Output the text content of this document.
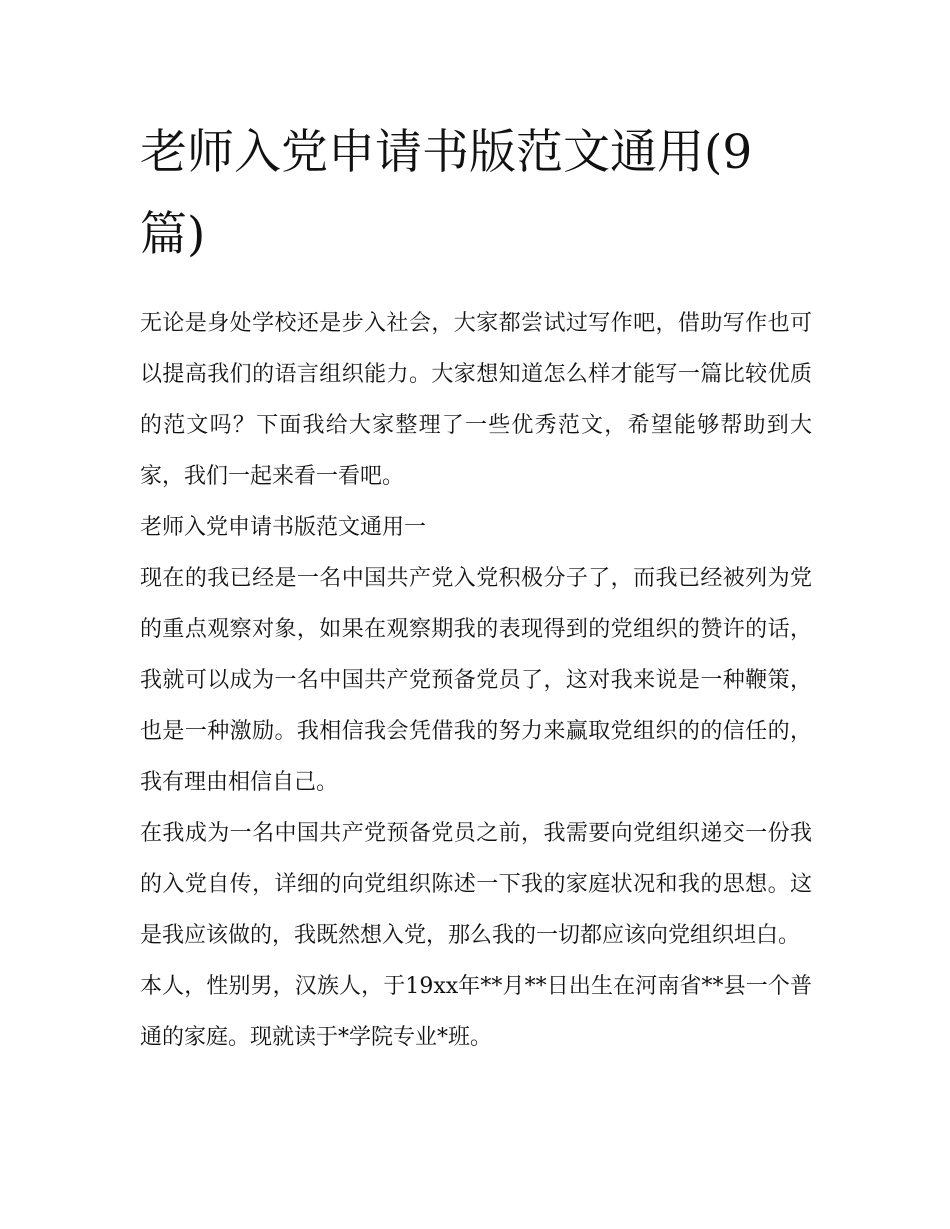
老师入党申请书版范文通用(9篇)

无论是身处学校还是步入社会，大家都尝试过写作吧，借助写作也可以提高我们的语言组织能力。大家想知道怎么样才能写一篇比较优质的范文吗？下面我给大家整理了一些优秀范文，希望能够帮助到大家，我们一起来看一看吧。

老师入党申请书版范文通用一

现在的我已经是一名中国共产党入党积极分子了，而我已经被列为党的重点观察对象，如果在观察期我的表现得到的党组织的赞许的话，我就可以成为一名中国共产党预备党员了，这对我来说是一种鞭策，也是一种激励。我相信我会凭借我的努力来赢取党组织的的信任的，我有理由相信自己。

在我成为一名中国共产党预备党员之前，我需要向党组织递交一份我的入党自传，详细的向党组织陈述一下我的家庭状况和我的思想。这是我应该做的，我既然想入党，那么我的一切都应该向党组织坦白。

本人，性别男，汉族人，于19xx年**月**日出生在河南省**县一个普通的家庭。现就读于*学院专业*班。
